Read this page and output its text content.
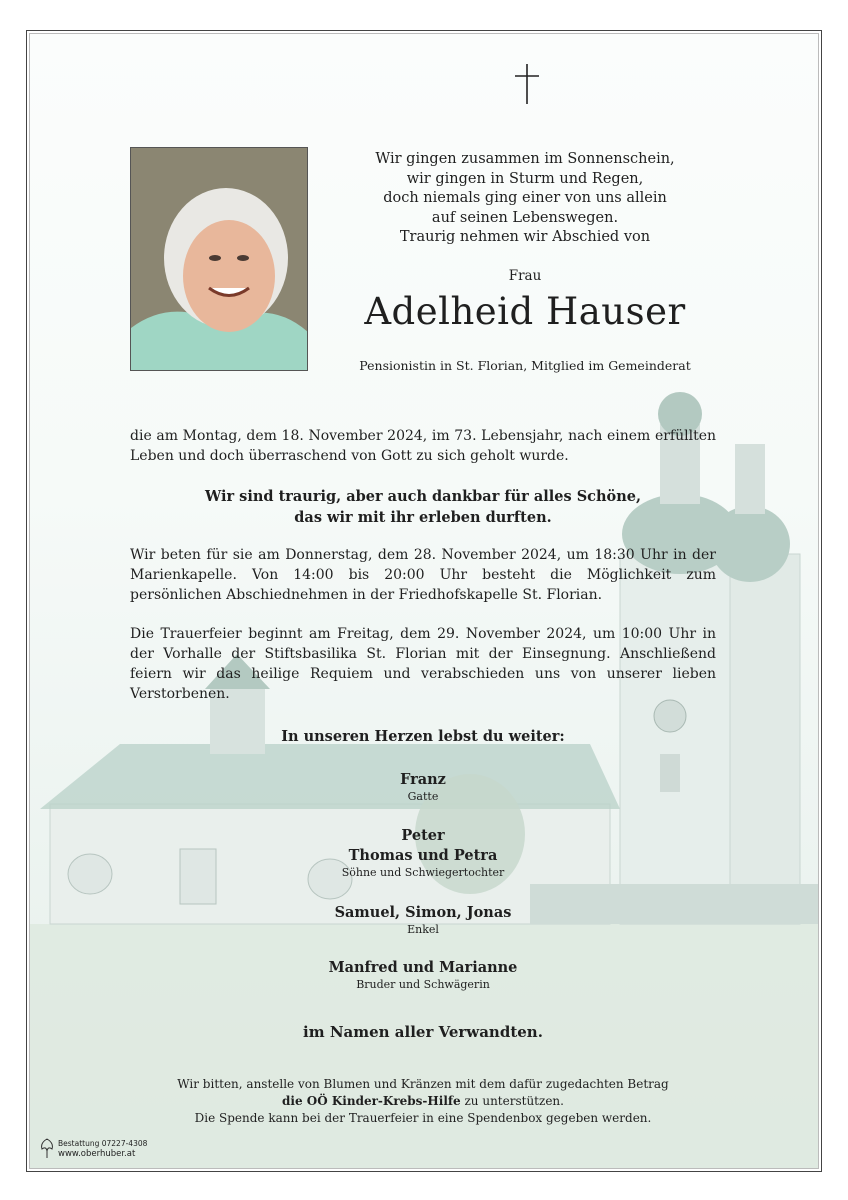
Wir gingen zusammen im Sonnenschein,
wir gingen in Sturm und Regen,
doch niemals ging einer von uns allein
auf seinen Lebenswegen.
Traurig nehmen wir Abschied von
Frau
Adelheid Hauser
Pensionistin in St. Florian, Mitglied im Gemeinderat
die am Montag, dem 18. November 2024, im 73. Lebensjahr, nach einem erfüllten Leben und doch überraschend von Gott zu sich geholt wurde.
Wir sind traurig, aber auch dankbar für alles Schöne,
das wir mit ihr erleben durften.
Wir beten für sie am Donnerstag, dem 28. November 2024, um 18:30 Uhr in der Marienkapelle. Von 14:00 bis 20:00 Uhr besteht die Möglichkeit zum persönlichen Abschiednehmen in der Friedhofskapelle St. Florian.
Die Trauerfeier beginnt am Freitag, dem 29. November 2024, um 10:00 Uhr in der Vorhalle der Stiftsbasilika St. Florian mit der Einsegnung. Anschließend feiern wir das heilige Requiem und verabschieden uns von unserer lieben Verstorbenen.
In unseren Herzen lebst du weiter:
Franz
Gatte
Peter
Thomas und Petra
Söhne und Schwiegertochter
Samuel, Simon, Jonas
Enkel
Manfred und Marianne
Bruder und Schwägerin
im Namen aller Verwandten.
Wir bitten, anstelle von Blumen und Kränzen mit dem dafür zugedachten Betrag
die OÖ Kinder-Krebs-Hilfe zu unterstützen.
Die Spende kann bei der Trauerfeier in eine Spendenbox gegeben werden.
Bestattung 07227-4308
www.oberhuber.at
